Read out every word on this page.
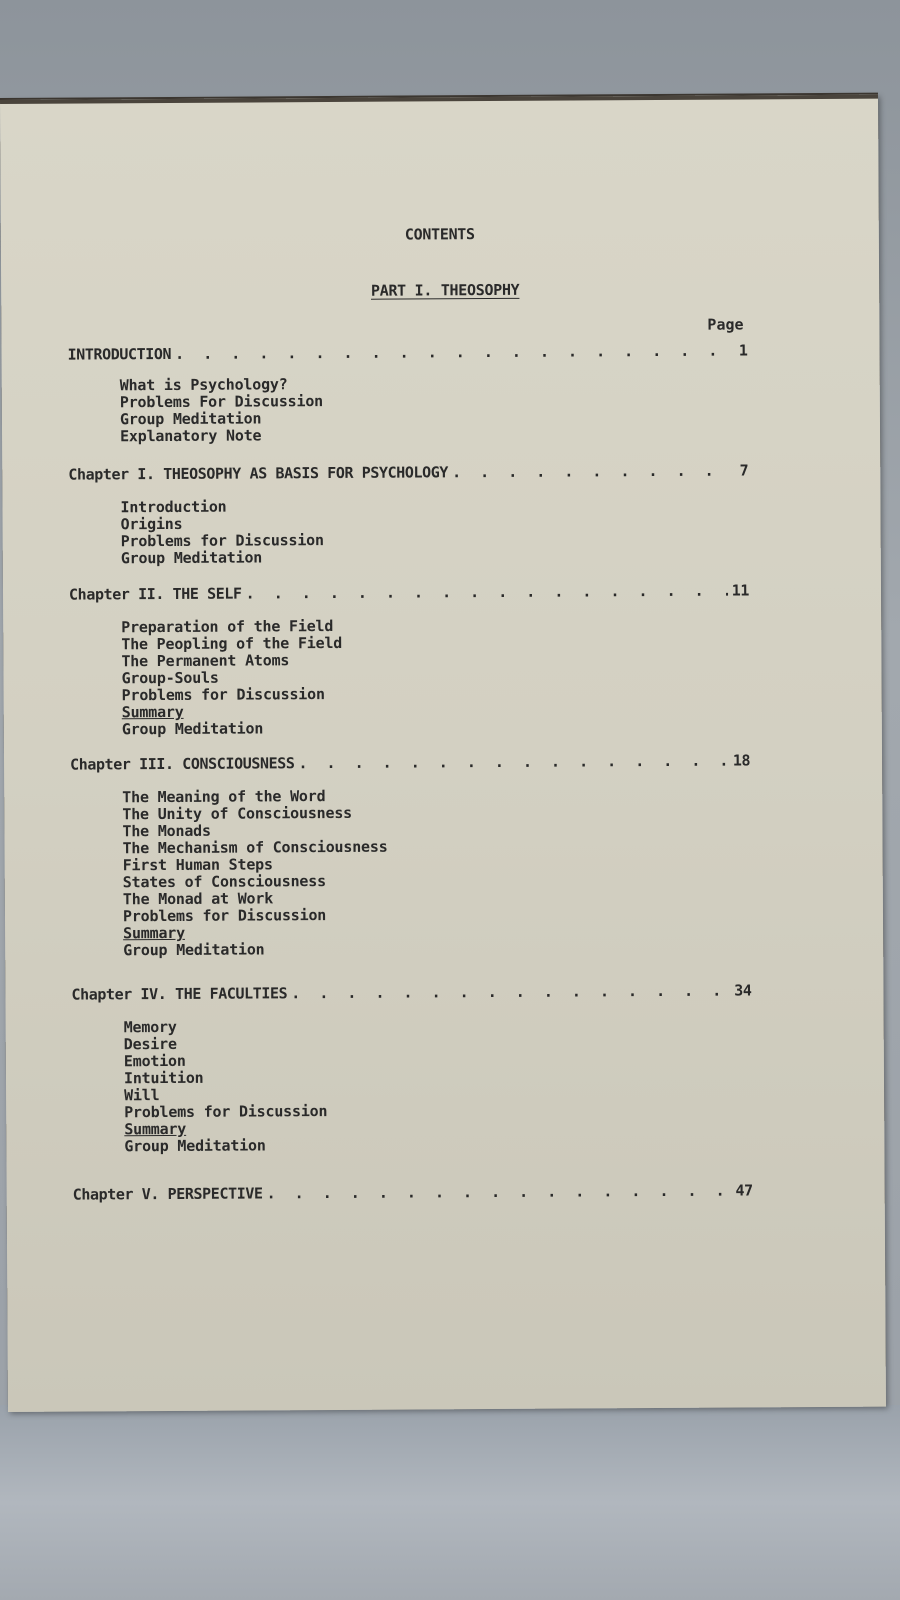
CONTENTS
PART I. THEOSOPHY
Page
INTRODUCTION . . .	1
What is Psychology?
Problems For Discussion
Group Meditation
Explanatory Note
Chapter I. THEOSOPHY AS BASIS FOR PSYCHOLOGY . . .	7
Introduction
Origins
Problems for Discussion
Group Meditation
Chapter II. THE SELF . . .	11
Preparation of the Field
The Peopling of the Field
The Permanent Atoms
Group-Souls
Problems for Discussion
Summary
Group Meditation
Chapter III. CONSCIOUSNESS . . .	18
The Meaning of the Word
The Unity of Consciousness
The Monads
The Mechanism of Consciousness
First Human Steps
States of Consciousness
The Monad at Work
Problems for Discussion
Summary
Group Meditation
Chapter IV. THE FACULTIES . . .	34
Memory
Desire
Emotion
Intuition
Will
Problems for Discussion
Summary
Group Meditation
Chapter V. PERSPECTIVE . . .	47
